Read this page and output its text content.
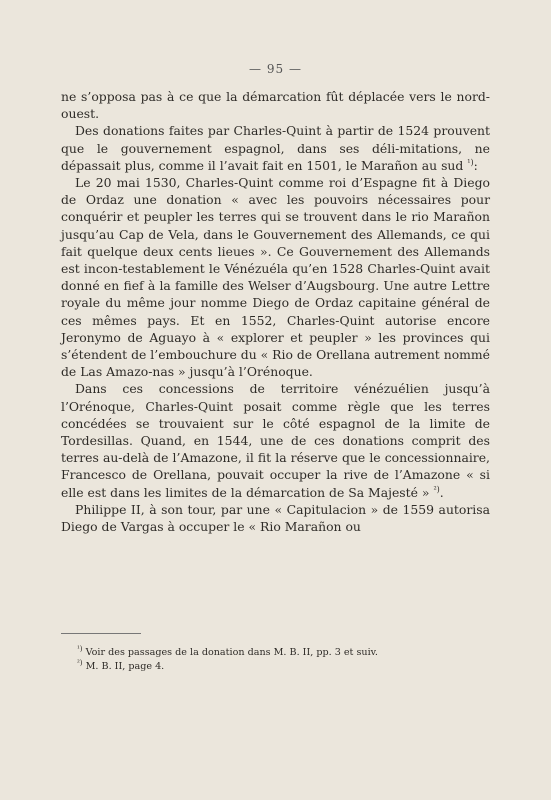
— 95 —

ne s’opposa pas à ce que la démarcation fût déplacée vers le nord-ouest.

Des donations faites par Charles-Quint à partir de 1524 prouvent que le gouvernement espagnol, dans ses déli-mitations, ne dépassait plus, comme il l’avait fait en 1501, le Marañon au sud $^{^1)}$:

Le 20 mai 1530, Charles-Quint comme roi d’Espagne fit à Diego de Ordaz une donation « avec les pouvoirs nécessaires pour conquérir et peupler les terres qui se trouvent dans le rio Marañon jusqu’au Cap de Vela, dans le Gouvernement des Allemands, ce qui fait quelque deux cents lieues ». Ce Gouvernement des Allemands est incon-testablement le Vénézuéla qu’en 1528 Charles-Quint avait donné en fief à la famille des Welser d’Augsbourg. Une autre Lettre royale du même jour nomme Diego de Ordaz capitaine général de ces mêmes pays. Et en 1552, Charles-Quint autorise encore Jeronymo de Aguayo à « explorer et peupler » les provinces qui s’étendent de l’embouchure du « Rio de Orellana autrement nommé de Las Amazo-nas » jusqu’à l’Orénoque.

Dans ces concessions de territoire vénézuélien jusqu’à l’Orénoque, Charles-Quint posait comme règle que les terres concédées se trouvaient sur le côté espagnol de la limite de Tordesillas. Quand, en 1544, une de ces donations comprit des terres au-delà de l’Amazone, il fit la réserve que le concessionnaire, Francesco de Orellana, pouvait occuper la rive de l’Amazone « si elle est dans les limites de la démarcation de Sa Majesté » $^{^2)}$.

Philippe II, à son tour, par une « Capitulacion » de 1559 autorisa Diego de Vargas à occuper le « Rio Marañon ou

$^{^1)}$ Voir des passages de la donation dans M. B. II, pp. 3 et suiv.

$^{^2)}$ M. B. II, page 4.
